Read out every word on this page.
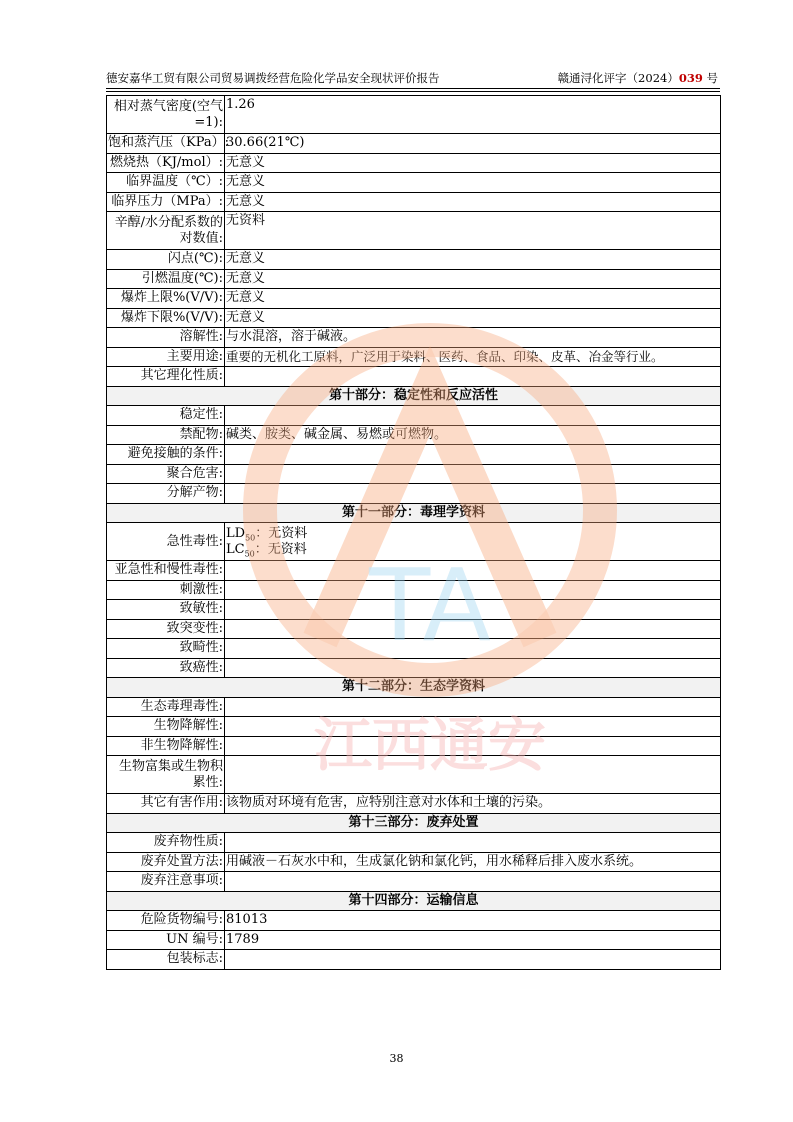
德安嘉华工贸有限公司贸易调拨经营危险化学品安全现状评价报告	赣通浔化评字（2024）039 号
相对蒸气密度(空气=1):	1.26
饱和蒸汽压（KPa）:	30.66(21℃)
燃烧热（KJ/mol）:	无意义
临界温度（℃）:	无意义
临界压力（MPa）:	无意义
辛醇/水分配系数的对数值:	无资料
闪点(℃):	无意义
引燃温度(℃):	无意义
爆炸上限%(V/V):	无意义
爆炸下限%(V/V):	无意义
溶解性:	与水混溶，溶于碱液。
主要用途:	重要的无机化工原料，广泛用于染料、医药、食品、印染、皮革、冶金等行业。
其它理化性质:	
第十部分：稳定性和反应活性	
稳定性:	
禁配物:	碱类、胺类、碱金属、易燃或可燃物。
避免接触的条件:	
聚合危害:	
分解产物:	
第十一部分：毒理学资料	
急性毒性:	$LD_{50}$：无资料
$LC_{50}$：无资料

亚急性和慢性毒性:	
刺激性:	
致敏性:	
致突变性:	
致畸性:	
致癌性:	
第十二部分：生态学资料	
生态毒理毒性:	
生物降解性:	
非生物降解性:	
生物富集或生物积累性:	
其它有害作用:	该物质对环境有危害，应特别注意对水体和土壤的污染。
第十三部分：废弃处置	
废弃物性质:	
废弃处置方法:	用碱液－石灰水中和，生成氯化钠和氯化钙，用水稀释后排入废水系统。
废弃注意事项:	
第十四部分：运输信息	
危险货物编号:	81013
UN 编号:	1789
包装标志:	
TA
江西通安
38
